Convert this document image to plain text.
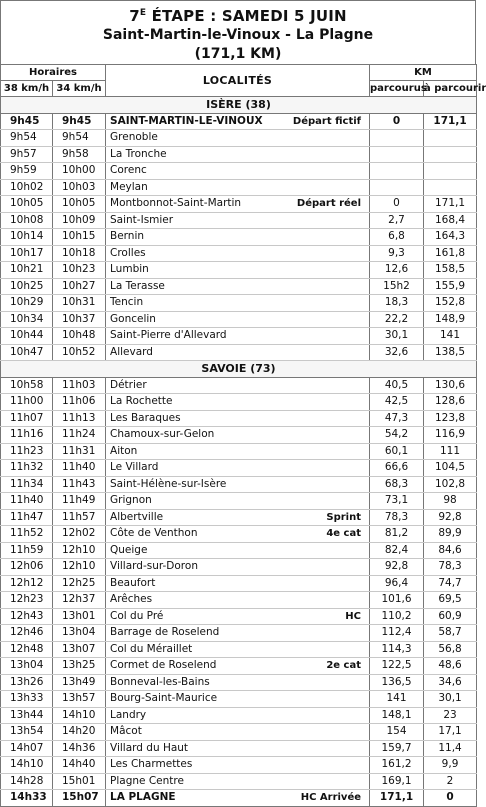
$7^E$ ÉTAPE : SAMEDI 5 JUIN
Saint-Martin-le-Vinoux - La Plagne
(171,1 KM)
Horaires		LOCALITÉS	KM	
38 km/h	34 km/h		parcourus	à parcourir
ISÈRE (38)				
9h45	9h45	SAINT-MARTIN-LE-VINOUX Départ fictif	0	171,1
9h54	9h54	Grenoble		

9h57	9h58	La Tronche		

9h59	10h00	Corenc		

10h02	10h03	Meylan		

10h05	10h05	Montbonnot-Saint-Martin Départ réel	0	171,1
10h08	10h09	Saint-Ismier	2,7	168,4
10h14	10h15	Bernin	6,8	164,3
10h17	10h18	Crolles	9,3	161,8
10h21	10h23	Lumbin	12,6	158,5
10h25	10h27	La Terasse	15h2	155,9
10h29	10h31	Tencin	18,3	152,8
10h34	10h37	Goncelin	22,2	148,9
10h44	10h48	Saint-Pierre d'Allevard	30,1	141
10h47	10h52	Allevard	32,6	138,5
SAVOIE (73)				
10h58	11h03	Détrier	40,5	130,6
11h00	11h06	La Rochette	42,5	128,6
11h07	11h13	Les Baraques	47,3	123,8
11h16	11h24	Chamoux-sur-Gelon	54,2	116,9
11h23	11h31	Aiton	60,1	111
11h32	11h40	Le Villard	66,6	104,5
11h34	11h43	Saint-Hélène-sur-Isère	68,3	102,8
11h40	11h49	Grignon	73,1	98
11h47	11h57	Albertville Sprint	78,3	92,8
11h52	12h02	Côte de Venthon 4e cat	81,2	89,9
11h59	12h10	Queige	82,4	84,6
12h06	12h10	Villard-sur-Doron	92,8	78,3
12h12	12h25	Beaufort	96,4	74,7
12h23	12h37	Arêches	101,6	69,5
12h43	13h01	Col du Pré HC	110,2	60,9
12h46	13h04	Barrage de Roselend	112,4	58,7
12h48	13h07	Col du Méraillet	114,3	56,8
13h04	13h25	Cormet de Roselend 2e cat	122,5	48,6
13h26	13h49	Bonneval-les-Bains	136,5	34,6
13h33	13h57	Bourg-Saint-Maurice	141	30,1
13h44	14h10	Landry	148,1	23
13h54	14h20	Mâcot	154	17,1
14h07	14h36	Villard du Haut	159,7	11,4
14h10	14h40	Les Charmettes	161,2	9,9
14h28	15h01	Plagne Centre	169,1	2
14h33	15h07	LA PLAGNE HC Arrivée	171,1	0
